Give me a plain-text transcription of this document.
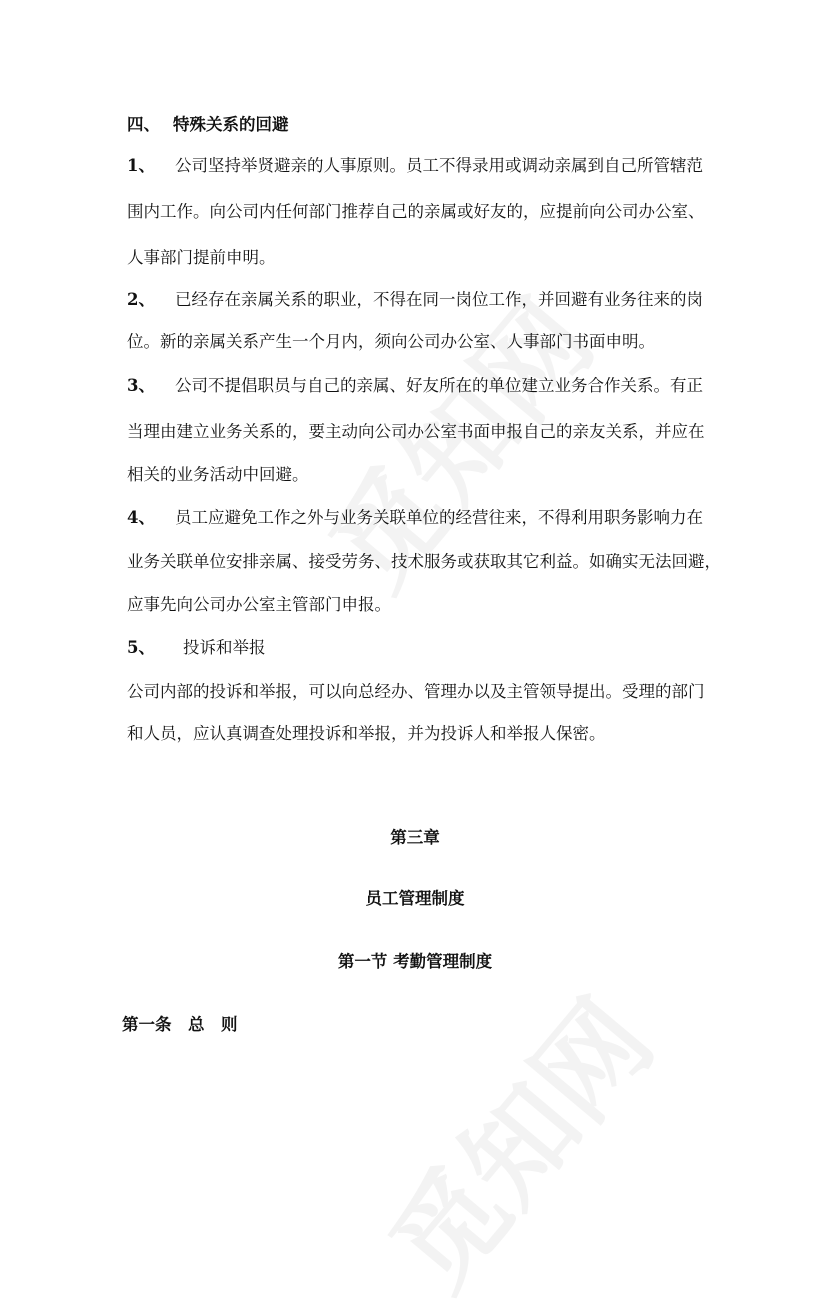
四、 特殊关系的回避
1、 公司坚持举贤避亲的人事原则。员工不得录用或调动亲属到自己所管辖范
围内工作。向公司内任何部门推荐自己的亲属或好友的，应提前向公司办公室、
人事部门提前申明。
2、 已经存在亲属关系的职业，不得在同一岗位工作，并回避有业务往来的岗
位。新的亲属关系产生一个月内，须向公司办公室、人事部门书面申明。
3、 公司不提倡职员与自己的亲属、好友所在的单位建立业务合作关系。有正
当理由建立业务关系的，要主动向公司办公室书面申报自己的亲友关系，并应在
相关的业务活动中回避。
4、 员工应避免工作之外与业务关联单位的经营往来，不得利用职务影响力在
业务关联单位安排亲属、接受劳务、技术服务或获取其它利益。如确实无法回避，
应事先向公司办公室主管部门申报。
5、 投诉和举报
公司内部的投诉和举报，可以向总经办、管理办以及主管领导提出。受理的部门
和人员，应认真调查处理投诉和举报，并为投诉人和举报人保密。
第三章
员工管理制度
第一节 考勤管理制度
第一条　总　则
